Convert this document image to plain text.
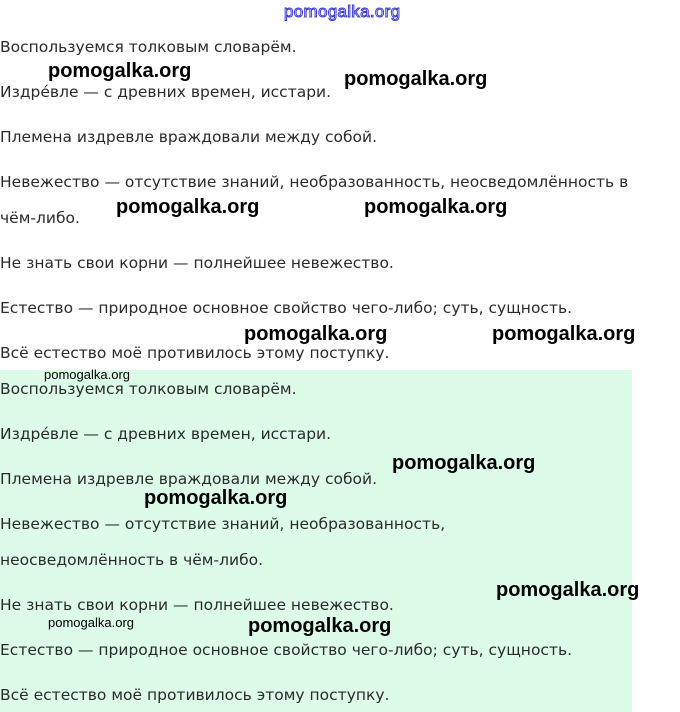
pomogalka.org
Воспользуемся толковым словарём.
Издре́вле — с древних времен, исстари.
Племена издревле враждовали между собой.
Невежество — отсутствие знаний, необразованность, неосведомлённость в
чём-либо.
Не знать свои корни — полнейшее невежество.
Естество — природное основное свойство чего-либо; суть, сущность.
Всё естество моё противилось этому поступку.
Воспользуемся толковым словарём.
Издре́вле — с древних времен, исстари.
Племена издревле враждовали между собой.
Невежество — отсутствие знаний, необразованность,
неосведомлённость в чём-либо.
Не знать свои корни — полнейшее невежество.
Естество — природное основное свойство чего-либо; суть, сущность.
Всё естество моё противилось этому поступку.
pomogalka.org	pomogalka.org
pomogalka.org	pomogalka.org
pomogalka.org	pomogalka.org
pomogalka.org
pomogalka.org
pomogalka.org
pomogalka.org
pomogalka.org	pomogalka.org
